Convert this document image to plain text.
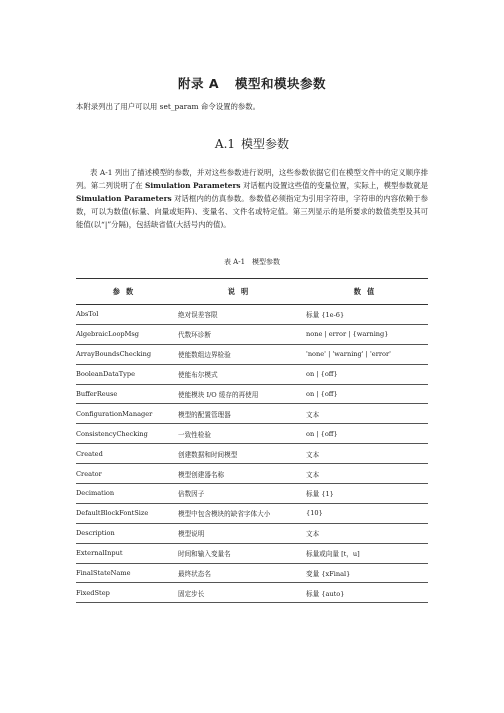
附录 A 模型和模块参数

本附录列出了用户可以用 set_param 命令设置的参数。

A.1 模型参数

表 A-1 列出了描述模型的参数，并对这些参数进行说明，这些参数依据它们在模型文件中的定义顺序排列。第二列说明了在 Simulation Parameters 对话框内设置这些值的变量位置，实际上，模型参数就是 Simulation Parameters 对话框内的仿真参数。参数值必须指定为引用字符串，字符串的内容依赖于参数，可以为数值(标量、向量或矩阵)、变量名、文件名或特定值。第三列显示的是所要求的数值类型及其可能值(以“|”分隔)，包括缺省值(大括号内的值)。

表 A-1　模型参数

参数	说明	数值
AbsTol	绝对误差容限	标量 {1e-6}
AlgebraicLoopMsg	代数环诊断	none | error | {warning}
ArrayBoundsChecking	使能数组边界检验	'none' | 'warning' | 'error'
BooleanDataType	使能布尔模式	on | {off}
BufferReuse	使能模块 I/O 缓存的再使用	on | {off}
ConfigurationManager	模型的配置管理器	文本
ConsistencyChecking	一致性检验	on | {off}
Created	创建数据和时间模型	文本
Creator	模型创建器名称	文本
Decimation	倍数因子	标量 {1}
DefaultBlockFontSize	模型中包含模块的缺省字体大小	{10}
Description	模型说明	文本
ExternalInput	时间和输入变量名	标量或向量 [t，u]
FinalStateName	最终状态名	变量 {xFinal}
FixedStep	固定步长	标量 {auto}
